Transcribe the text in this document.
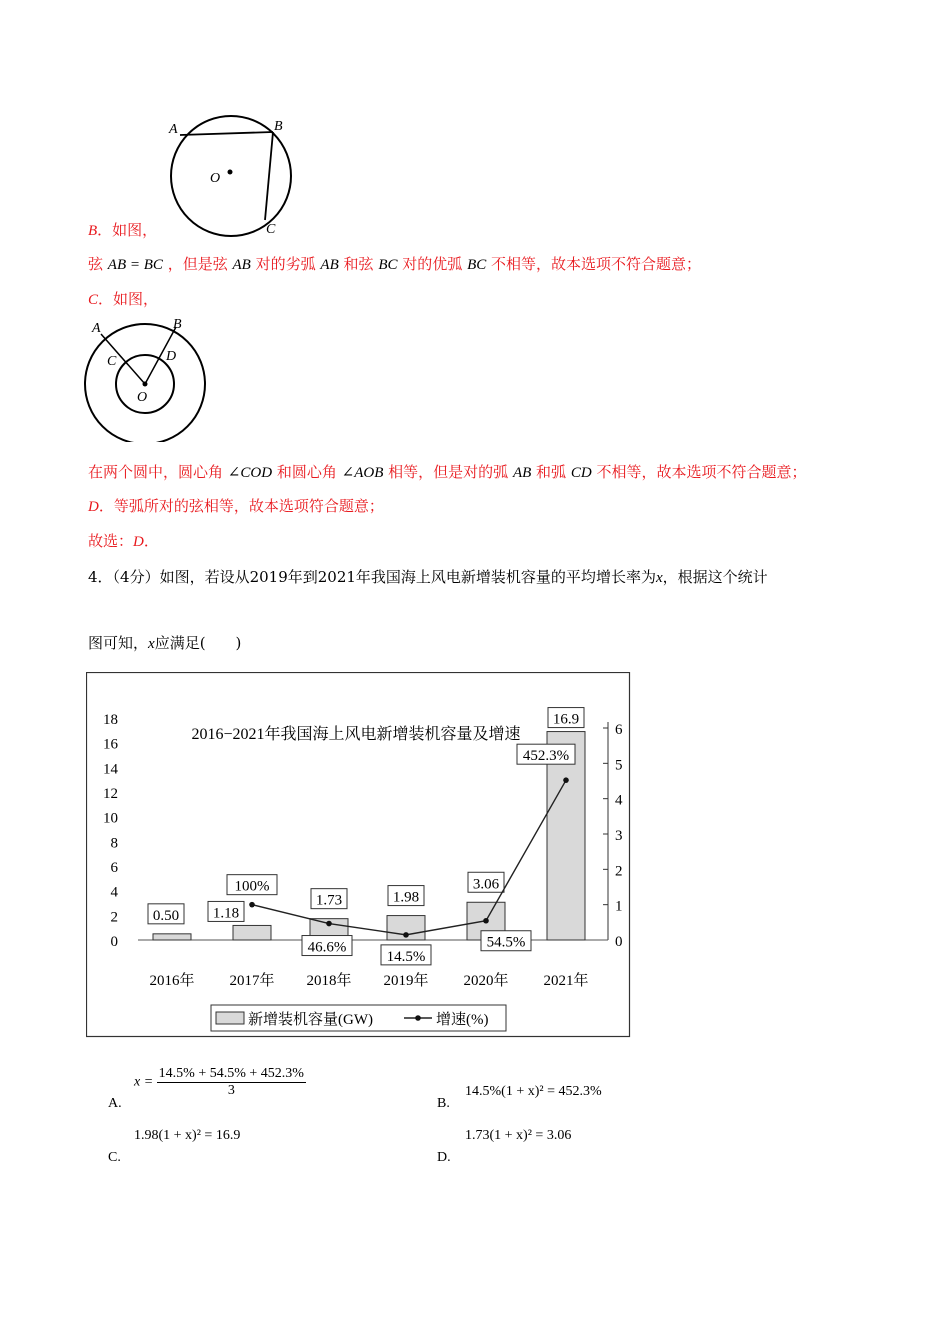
A	B
C
O
B．如图，
弦 AB = BC ，但是弦 AB 对的劣弧 AB 和弦 BC 对的优弧 BC 不相等，故本选项不符合题意；
C．如图，
A	B
C	D
O
在两个圆中，圆心角 ∠COD 和圆心角 ∠AOB 相等，但是对的弧 AB 和弧 CD 不相等，故本选项不符合题意；
D．等弧所对的弦相等，故本选项符合题意；
故选：D．
4．（4分）如图，若设从2019年到2021年我国海上风电新增装机容量的平均增长率为x，根据这个统计
图可知，x应满足(　　)
2016−2021年我国海上风电新增装机容量及增速
0
2
4
6
8
10
12
14
16
18
0
1
2
3
4
5
6
0.50 1.18
1.73	1.98
3.06
16.9
100%
46.6%
14.5%
54.5%
452.3%
2016年 2017年 2018年 2019年 2020年 2021年
新增装机容量(GW)	增速(%)
A.
$x = \frac{14.5\% + 54.5\% + 452.3\%}{3}$
B.
14.5%(1 + x)² = 452.3%
C.
1.98(1 + x)² = 16.9
D.
1.73(1 + x)² = 3.06
